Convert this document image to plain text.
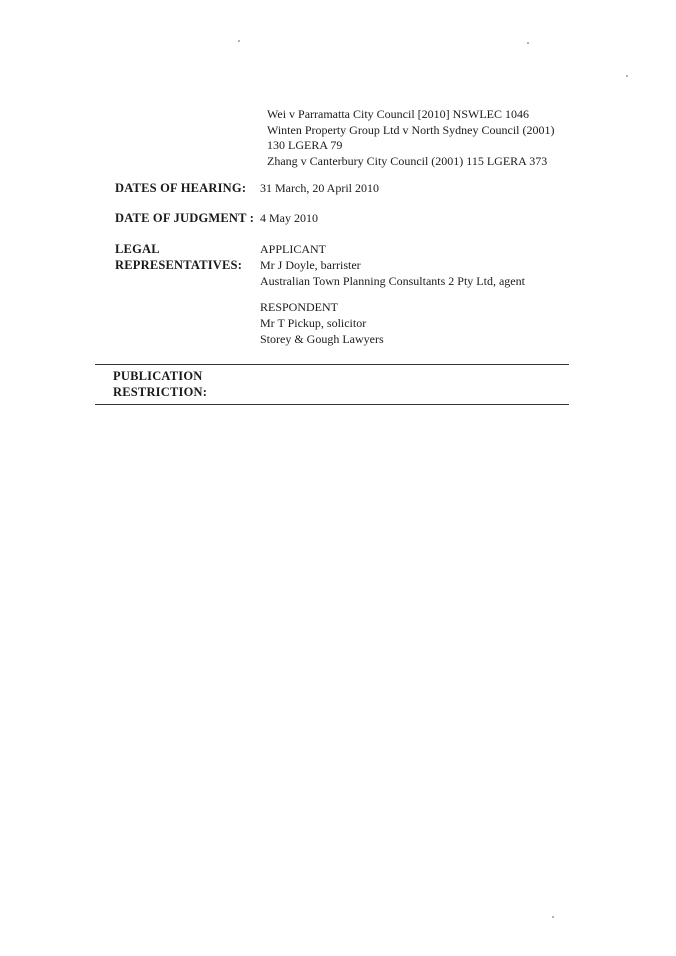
Wei v Parramatta City Council [2010] NSWLEC 1046
Winten Property Group Ltd v North Sydney Council (2001)
130 LGERA 79
Zhang v Canterbury City Council (2001) 115 LGERA 373
DATES OF HEARING: 31 March, 20 April 2010
DATE OF JUDGMENT : 4 May 2010
LEGAL
REPRESENTATIVES:
APPLICANT
Mr J Doyle, barrister
Australian Town Planning Consultants 2 Pty Ltd, agent
RESPONDENT
Mr T Pickup, solicitor
Storey & Gough Lawyers
PUBLICATION
RESTRICTION:
